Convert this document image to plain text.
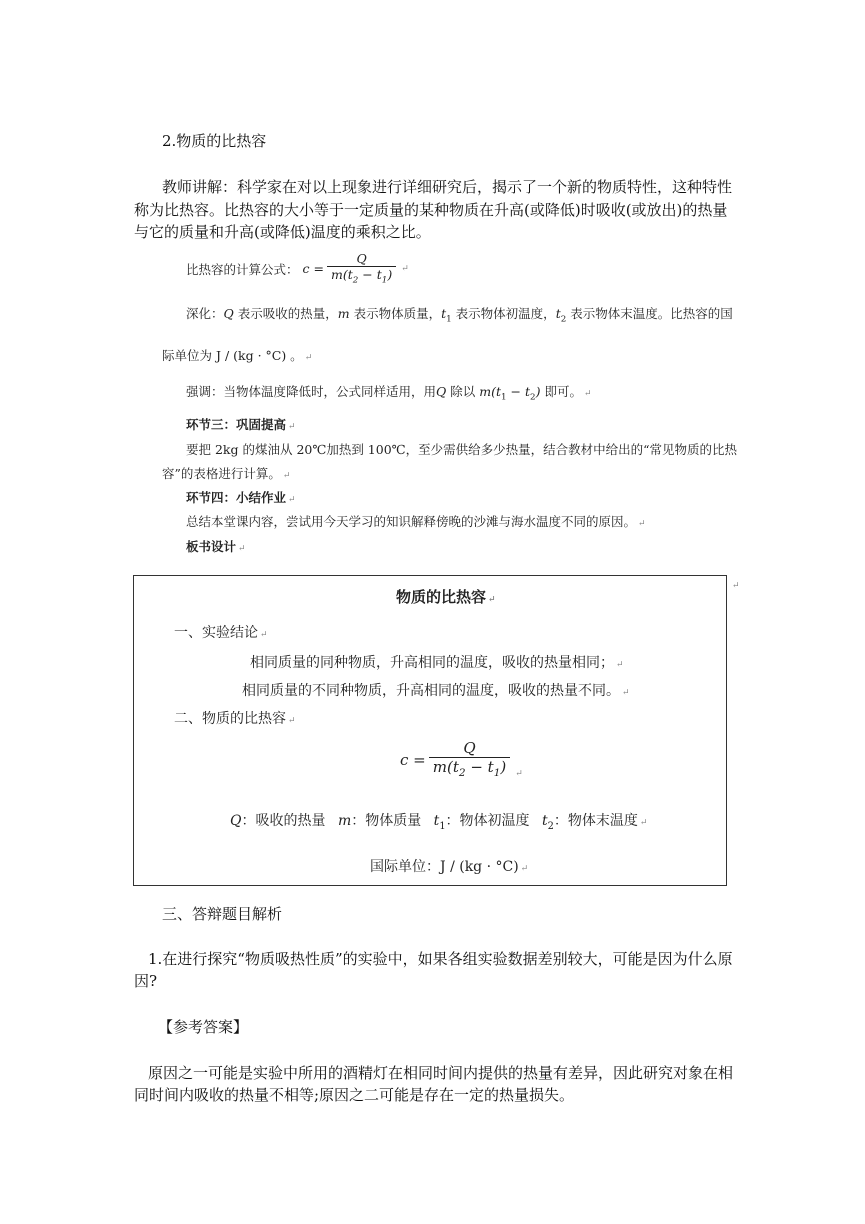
2.物质的比热容
教师讲解：科学家在对以上现象进行详细研究后，揭示了一个新的物质特性，这种特性称为比热容。比热容的大小等于一定质量的某种物质在升高(或降低)时吸收(或放出)的热量与它的质量和升高(或降低)温度的乘积之比。
比热容的计算公式： $c = \frac{Q}{m(t_2 - t_1)}$ ↵
深化：Q 表示吸收的热量，m 表示物体质量，$t_1$ 表示物体初温度，$t_2$ 表示物体末温度。比热容的国
际单位为 J / (kg · °C) 。 ↵
强调：当物体温度降低时，公式同样适用，用Q 除以 $m(t_1 - t_2)$ 即可。 ↵
环节三：巩固提高 ↵
要把 2kg 的煤油从 20℃加热到 100℃，至少需供给多少热量，结合教材中给出的“常见物质的比热
容”的表格进行计算。 ↵
环节四：小结作业 ↵
总结本堂课内容，尝试用今天学习的知识解释傍晚的沙滩与海水温度不同的原因。 ↵
板书设计 ↵
物质的比热容 ↵
一、实验结论 ↵
相同质量的同种物质，升高相同的温度，吸收的热量相同； ↵
相同质量的不同种物质，升高相同的温度，吸收的热量不同。 ↵
二、物质的比热容 ↵
$c = \frac{Q}{m(t_2 - t_1)}$ ↵
Q：吸收的热量 m：物体质量 $t_1$：物体初温度 $t_2$：物体末温度 ↵
国际单位：J / (kg · °C) ↵
↵
三、答辩题目解析
1.在进行探究“物质吸热性质”的实验中，如果各组实验数据差别较大，可能是因为什么原因?
【参考答案】
原因之一可能是实验中所用的酒精灯在相同时间内提供的热量有差异，因此研究对象在相同时间内吸收的热量不相等;原因之二可能是存在一定的热量损失。
